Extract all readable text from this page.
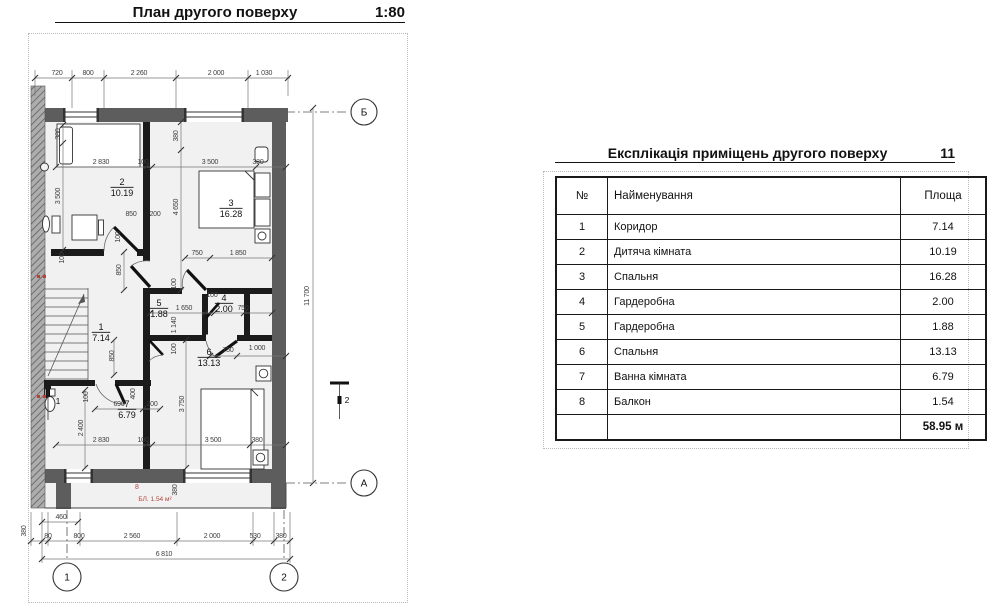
План другого поверху	1:80
Експлікація приміщень другого поверху	11
Б
А
1	2
720	800	2 260	2 000	1 030
2 830	100	3 500	380
380
3 500
100
380
4 650
850 200
100
850
750	1 850
100
1 650
100
750
1 140
100
850	750 1 000
100	400
690	200
2 400
3 750
2 830	100	3 500	380
380
11 700
460
380 80	800	2 560	2 000	530 380
6 810
2
10.19
3
16.28
5
1.88
4
2.00
1
7.14
6
13.13
7
6.79
8
БЛ. 1.54 м²
2
1
№	Найменування	Площа
1	Коридор	7.14
2	Дитяча кімната	10.19
3	Спальня	16.28
4	Гардеробна	2.00
5	Гардеробна	1.88
6	Спальня	13.13
7	Ванна кімната	6.79
8	Балкон	1.54
		58.95 м
